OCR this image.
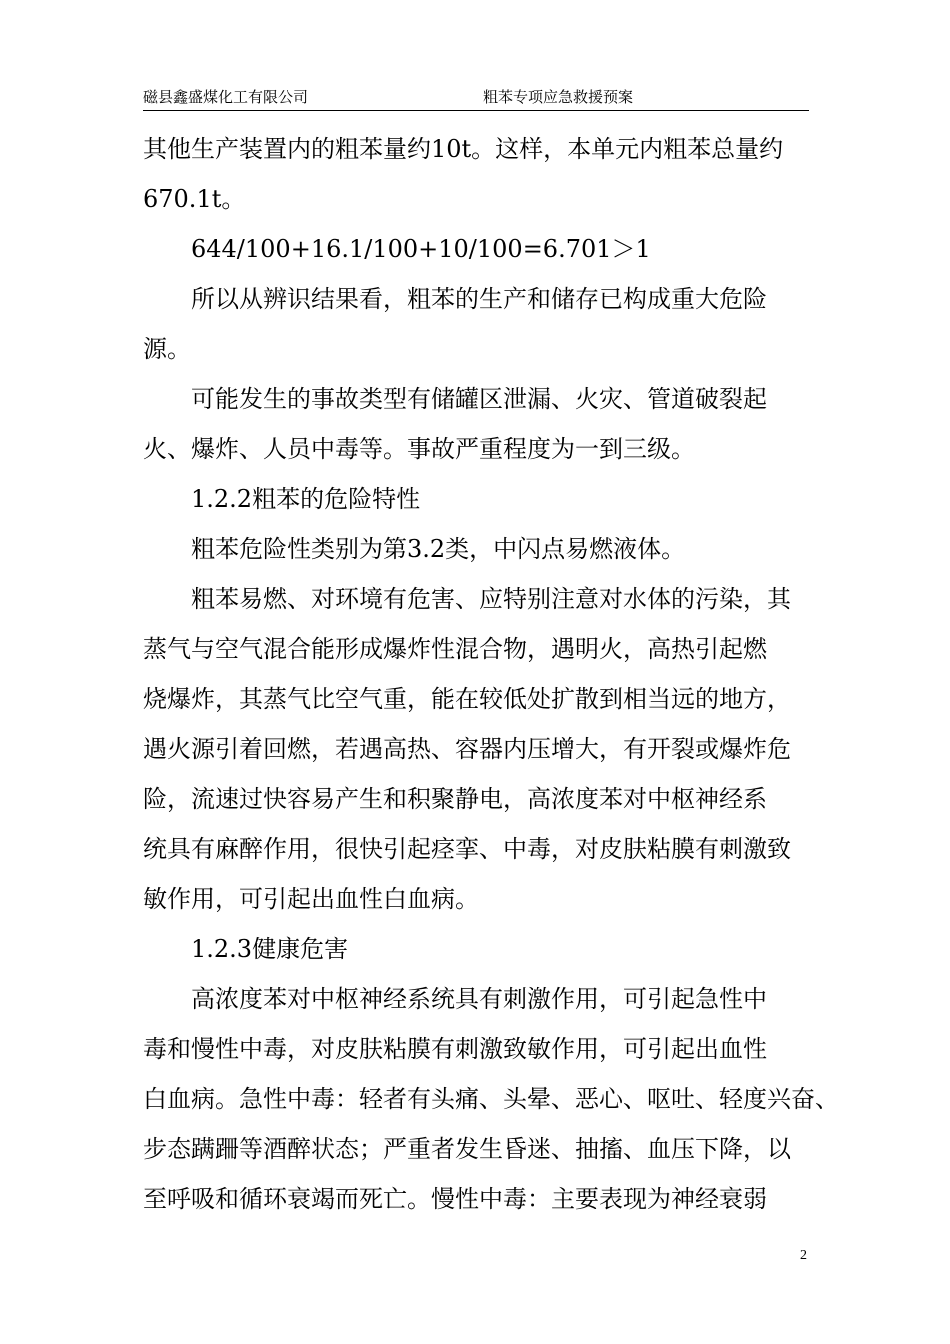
磁县鑫盛煤化工有限公司	粗苯专项应急救援预案

其他生产装置内的粗苯量约10t。这样，本单元内粗苯总量约

670.1t。

644/100+16.1/100+10/100=6.701＞1

所以从辨识结果看，粗苯的生产和储存已构成重大危险

源。

可能发生的事故类型有储罐区泄漏、火灾、管道破裂起

火、爆炸、人员中毒等。事故严重程度为一到三级。

1.2.2粗苯的危险特性

粗苯危险性类别为第3.2类，中闪点易燃液体。

粗苯易燃、对环境有危害、应特别注意对水体的污染，其

蒸气与空气混合能形成爆炸性混合物，遇明火，高热引起燃

烧爆炸，其蒸气比空气重，能在较低处扩散到相当远的地方，

遇火源引着回燃，若遇高热、容器内压增大，有开裂或爆炸危

险，流速过快容易产生和积聚静电，高浓度苯对中枢神经系

统具有麻醉作用，很快引起痉挛、中毒，对皮肤粘膜有刺激致

敏作用，可引起出血性白血病。

1.2.3健康危害

高浓度苯对中枢神经系统具有刺激作用，可引起急性中

毒和慢性中毒，对皮肤粘膜有刺激致敏作用，可引起出血性

白血病。急性中毒：轻者有头痛、头晕、恶心、呕吐、轻度兴奋、

步态蹒跚等酒醉状态；严重者发生昏迷、抽搐、血压下降，以

至呼吸和循环衰竭而死亡。慢性中毒：主要表现为神经衰弱

2
